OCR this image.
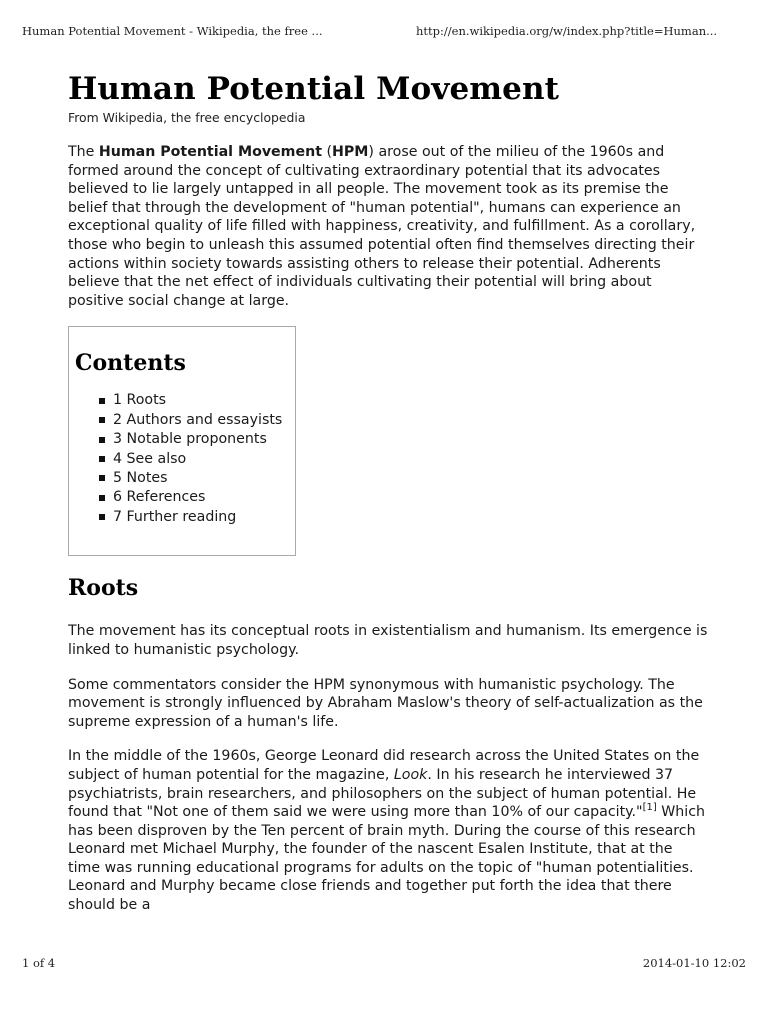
Human Potential Movement - Wikipedia, the free ...	http://en.wikipedia.org/w/index.php?title=Human...
Human Potential Movement
From Wikipedia, the free encyclopedia

The Human Potential Movement (HPM) arose out of the milieu of the 1960s and formed around the concept of cultivating extraordinary potential that its advocates believed to lie largely untapped in all people. The movement took as its premise the belief that through the development of "human potential", humans can experience an exceptional quality of life filled with happiness, creativity, and fulfillment. As a corollary, those who begin to unleash this assumed potential often find themselves directing their actions within society towards assisting others to release their potential. Adherents believe that the net effect of individuals cultivating their potential will bring about positive social change at large.

Contents
1 Roots
2 Authors and essayists
3 Notable proponents
4 See also
5 Notes
6 References
7 Further reading
Roots

The movement has its conceptual roots in existentialism and humanism. Its emergence is linked to humanistic psychology.

Some commentators consider the HPM synonymous with humanistic psychology. The movement is strongly influenced by Abraham Maslow's theory of self-actualization as the supreme expression of a human's life.

In the middle of the 1960s, George Leonard did research across the United States on the subject of human potential for the magazine, Look. In his research he interviewed 37 psychiatrists, brain researchers, and philosophers on the subject of human potential. He found that "Not one of them said we were using more than 10% of our capacity."[1] Which has been disproven by the Ten percent of brain myth. During the course of this research Leonard met Michael Murphy, the founder of the nascent Esalen Institute, that at the time was running educational programs for adults on the topic of "human potentialities. Leonard and Murphy became close friends and together put forth the idea that there should be a

1 of 4	2014-01-10 12:02
